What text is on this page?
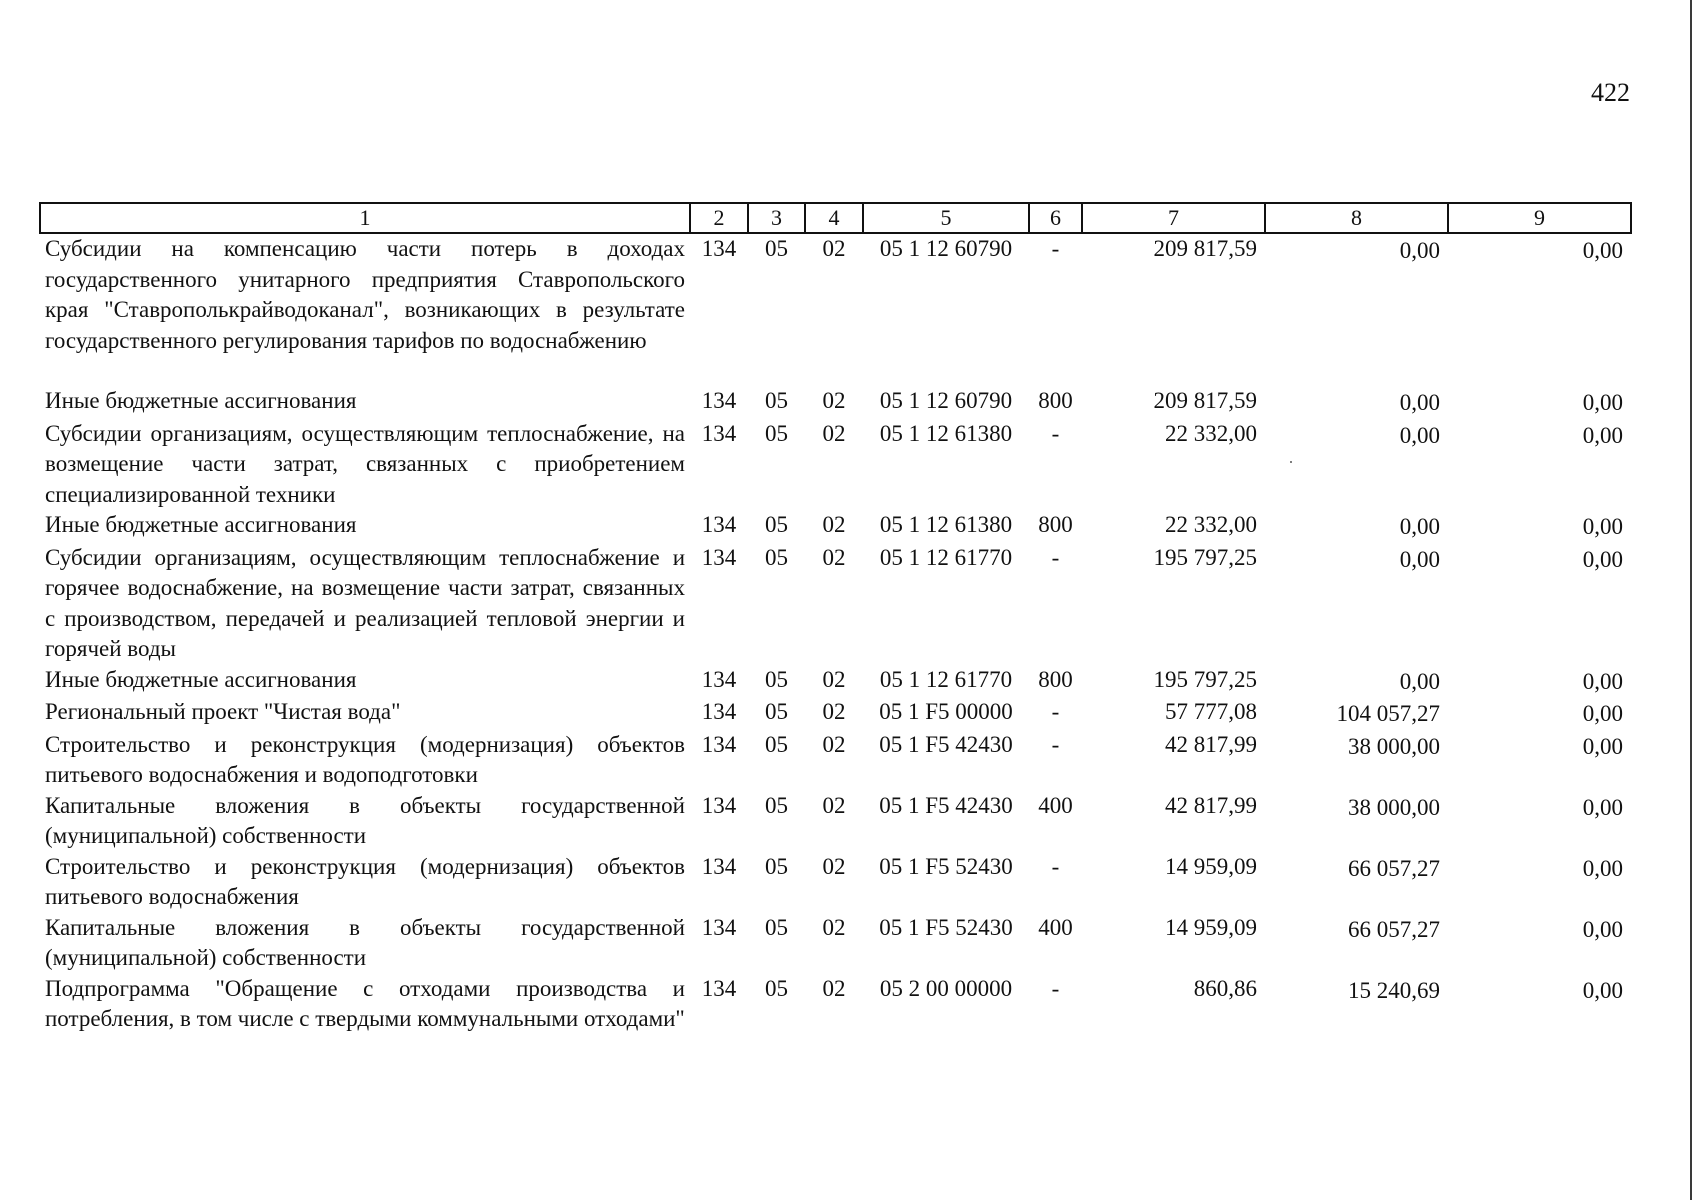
422
1	2	3	4	5	6	7	8	9
Субсидии на компенсацию части потерь в доходах государственного унитарного предприятия Ставропольского края "Ставрополькрайводоканал", возникающих в результате государственного регулирования тарифов по водоснабжению	134	05	02	05 1 12 60790	-	209 817,59	0,00	0,00

Иные бюджетные ассигнования	134	05	02	05 1 12 60790	800	209 817,59	0,00	0,00
Субсидии организациям, осуществляющим теплоснабжение, на возмещение части затрат, связанных с приобретением специализированной техники	134	05	02	05 1 12 61380	-	22 332,00	0,00	0,00
Иные бюджетные ассигнования	134	05	02	05 1 12 61380	800	22 332,00	0,00	0,00
Субсидии организациям, осуществляющим теплоснабжение и горячее водоснабжение, на возмещение части затрат, связанных с производством, передачей и реализацией тепловой энергии и горячей воды	134	05	02	05 1 12 61770	-	195 797,25	0,00	0,00
Иные бюджетные ассигнования	134	05	02	05 1 12 61770	800	195 797,25	0,00	0,00
Региональный проект "Чистая вода"	134	05	02	05 1 F5 00000	-	57 777,08	104 057,27	0,00
Строительство и реконструкция (модернизация) объектов питьевого водоснабжения и водоподготовки	134	05	02	05 1 F5 42430	-	42 817,99	38 000,00	0,00
Капитальные вложения в объекты государственной (муниципальной) собственности	134	05	02	05 1 F5 42430	400	42 817,99	38 000,00	0,00
Строительство и реконструкция (модернизация) объектов питьевого водоснабжения	134	05	02	05 1 F5 52430	-	14 959,09	66 057,27	0,00
Капитальные вложения в объекты государственной (муниципальной) собственности	134	05	02	05 1 F5 52430	400	14 959,09	66 057,27	0,00
Подпрограмма "Обращение с отходами производства и потребления, в том числе с твердыми коммунальными отходами"	134	05	02	05 2 00 00000	-	860,86	15 240,69	0,00
